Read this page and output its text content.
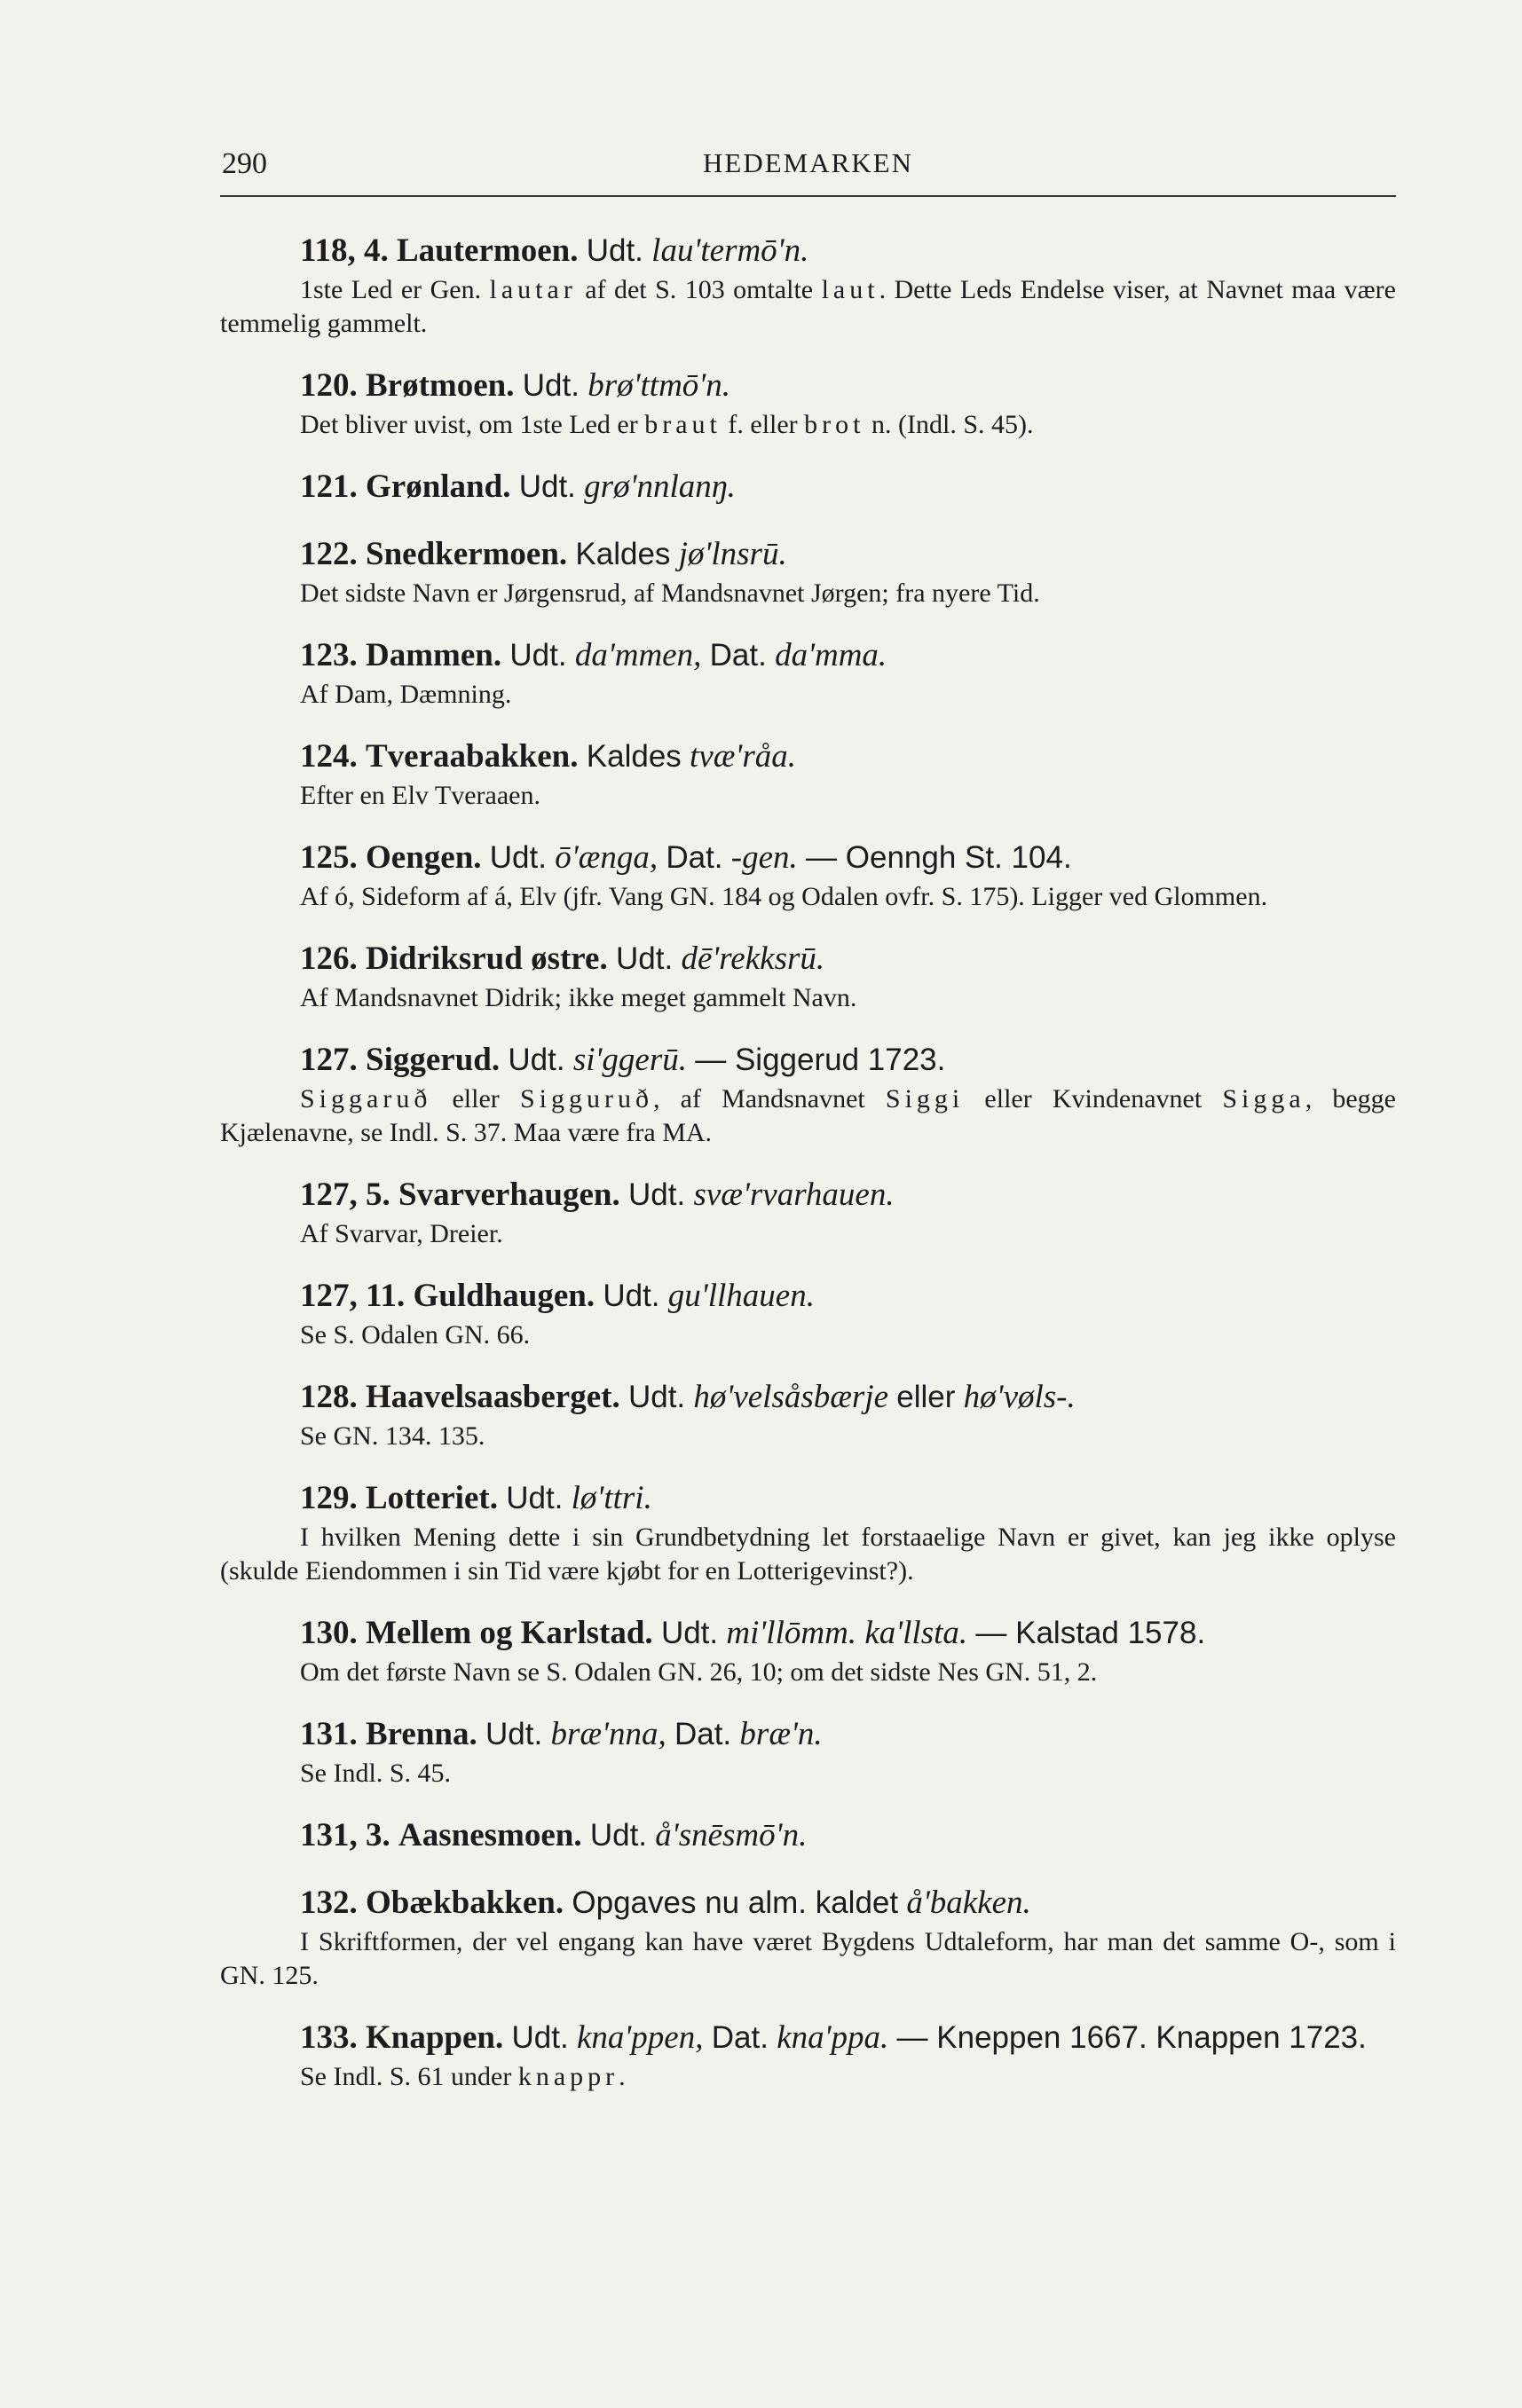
290	HEDEMARKEN
118, 4. Lautermoen. Udt. lau'termō'n.
1ste Led er Gen. lautar af det S. 103 omtalte laut. Dette Leds Endelse viser, at Navnet maa være temmelig gammelt.
120. Brøtmoen. Udt. brø'ttmō'n.
Det bliver uvist, om 1ste Led er braut f. eller brot n. (Indl. S. 45).
121. Grønland. Udt. grø'nnlanŋ.
122. Snedkermoen. Kaldes jø'lnsrū.
Det sidste Navn er Jørgensrud, af Mandsnavnet Jørgen; fra nyere Tid.
123. Dammen. Udt. da'mmen, Dat. da'mma.
Af Dam, Dæmning.
124. Tveraabakken. Kaldes tvæ'råa.
Efter en Elv Tveraaen.
125. Oengen. Udt. ō'ænga, Dat. -gen. — Oenngh St. 104.
Af ó, Sideform af á, Elv (jfr. Vang GN. 184 og Odalen ovfr. S. 175). Ligger ved Glommen.
126. Didriksrud østre. Udt. dē'rekksrū.
Af Mandsnavnet Didrik; ikke meget gammelt Navn.
127. Siggerud. Udt. si'ggerū. — Siggerud 1723.
Siggaruð eller Sigguruð, af Mandsnavnet Siggi eller Kvindenavnet Sigga, begge Kjælenavne, se Indl. S. 37. Maa være fra MA.
127, 5. Svarverhaugen. Udt. svæ'rvarhauen.
Af Svarvar, Dreier.
127, 11. Guldhaugen. Udt. gu'llhauen.
Se S. Odalen GN. 66.
128. Haavelsaasberget. Udt. hø'velsåsbærje eller hø'vøls-.
Se GN. 134. 135.
129. Lotteriet. Udt. lø'ttri.
I hvilken Mening dette i sin Grundbetydning let forstaaelige Navn er givet, kan jeg ikke oplyse (skulde Eiendommen i sin Tid være kjøbt for en Lotterigevinst?).
130. Mellem og Karlstad. Udt. mi'llōmm. ka'llsta. — Kalstad 1578.
Om det første Navn se S. Odalen GN. 26, 10; om det sidste Nes GN. 51, 2.
131. Brenna. Udt. bræ'nna, Dat. bræ'n.
Se Indl. S. 45.
131, 3. Aasnesmoen. Udt. å'snēsmō'n.
132. Obækbakken. Opgaves nu alm. kaldet å'bakken.
I Skriftformen, der vel engang kan have været Bygdens Udtaleform, har man det samme O-, som i GN. 125.
133. Knappen. Udt. kna'ppen, Dat. kna'ppa. — Kneppen 1667. Knappen 1723.
Se Indl. S. 61 under knappr.
